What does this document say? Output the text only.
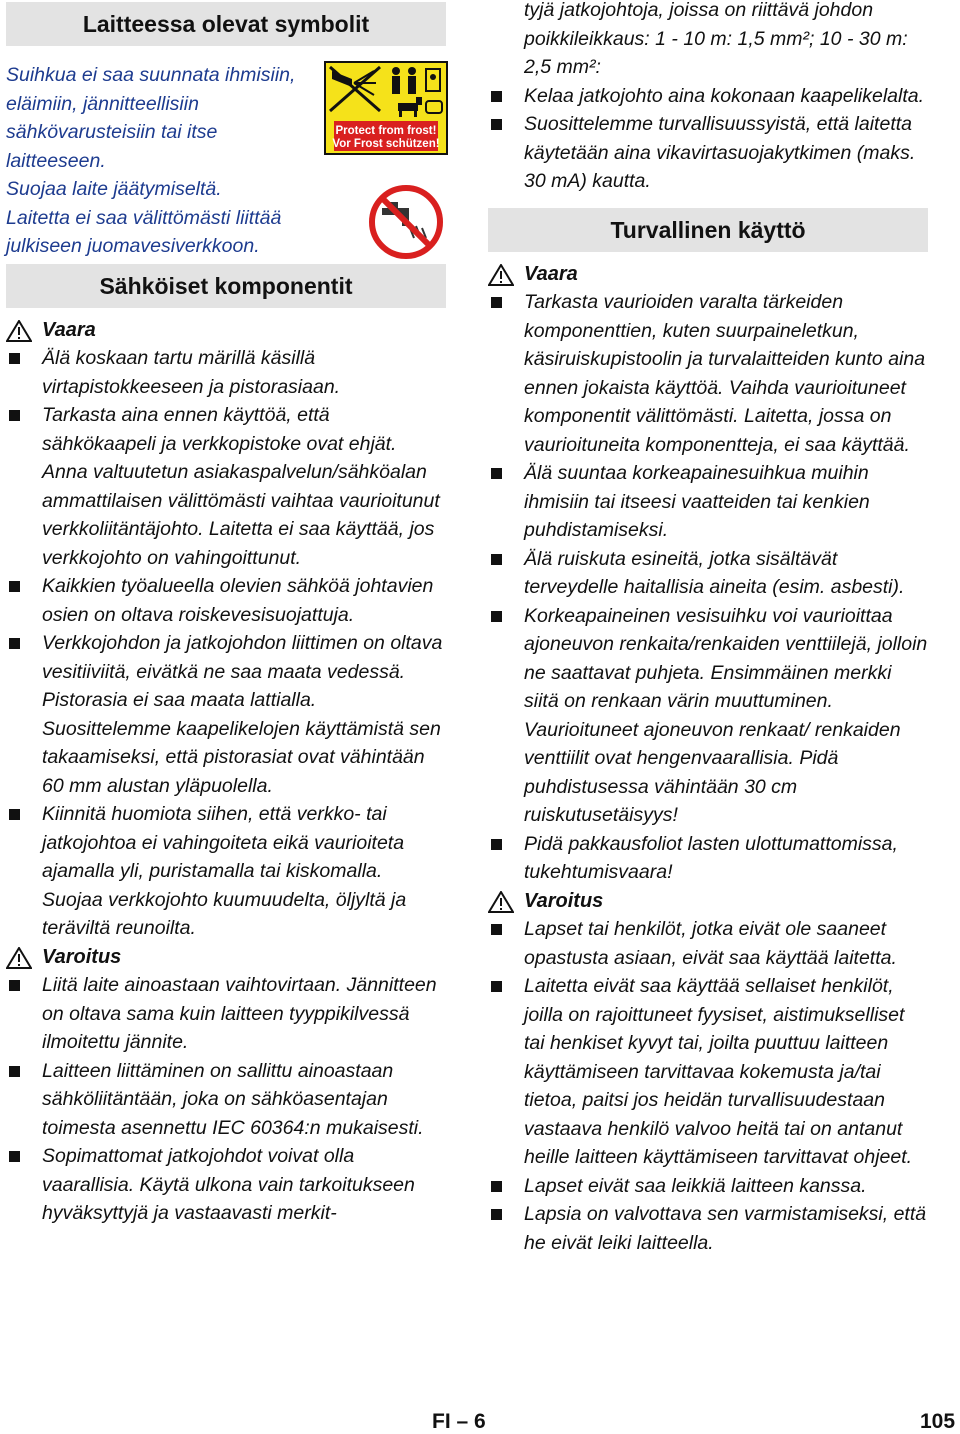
Laitteessa olevat symbolit
Suihkua ei saa suunnata ihmisiin, eläimiin, jännitteellisiin sähkövarusteisiin tai itse laitteeseen.
Suojaa laite jäätymiseltä.
Protect from frost!
Vor Frost schützen!
Laitetta ei saa välittömästi liittää julkiseen juomavesiverkkoon.
Sähköiset komponentit
Vaara
Älä koskaan tartu märillä käsillä virtapistokkeeseen ja pistorasiaan.
Tarkasta aina ennen käyttöä, että sähkökaapeli ja verkkopistoke ovat ehjät. Anna valtuutetun asiakaspalvelun/sähköalan ammattilaisen välittömästi vaihtaa vaurioitunut verkkoliitäntäjohto. Laitetta ei saa käyttää, jos verkkojohto on vahingoittunut.
Kaikkien työalueella olevien sähköä johtavien osien on oltava roiskevesisuojattuja.
Verkkojohdon ja jatkojohdon liittimen on oltava vesitiiviitä, eivätkä ne saa maata vedessä. Pistorasia ei saa maata lattialla. Suosittelemme kaapelikelojen käyttämistä sen takaamiseksi, että pistorasiat ovat vähintään 60 mm alustan yläpuolella.
Kiinnitä huomiota siihen, että verkko- tai jatkojohtoa ei vahingoiteta eikä vaurioiteta ajamalla yli, puristamalla tai kiskomalla. Suojaa verkkojohto kuumuudelta, öljyltä ja teräviltä reunoilta.
Varoitus
Liitä laite ainoastaan vaihtovirtaan. Jännitteen on oltava sama kuin laitteen tyyppikilvessä ilmoitettu jännite.
Laitteen liittäminen on sallittu ainoastaan sähköliitäntään, joka on sähköasentajan toimesta asennettu IEC 60364:n mukaisesti.
Sopimattomat jatkojohdot voivat olla vaarallisia. Käytä ulkona vain tarkoitukseen hyväksyttyjä ja vastaavasti merkit-
tyjä jatkojohtoja, joissa on riittävä johdon poikkileikkaus: 1 - 10 m: 1,5 mm²; 10 - 30 m: 2,5 mm²:
Kelaa jatkojohto aina kokonaan kaapelikelalta.
Suosittelemme turvallisuussyistä, että laitetta käytetään aina vikavirtasuojakytkimen (maks. 30 mA) kautta.
Turvallinen käyttö
Vaara
Tarkasta vaurioiden varalta tärkeiden komponenttien, kuten suurpaineletkun, käsiruiskupistoolin ja turvalaitteiden kunto aina ennen jokaista käyttöä. Vaihda vaurioituneet komponentit välittömästi. Laitetta, jossa on vaurioituneita komponentteja, ei saa käyttää.
Älä suuntaa korkeapainesuihkua muihin ihmisiin tai itseesi vaatteiden tai kenkien puhdistamiseksi.
Älä ruiskuta esineitä, jotka sisältävät terveydelle haitallisia aineita (esim. asbesti).
Korkeapaineinen vesisuihku voi vaurioittaa ajoneuvon renkaita/renkaiden venttiilejä, jolloin ne saattavat puhjeta. Ensimmäinen merkki siitä on renkaan värin muuttuminen. Vaurioituneet ajoneuvon renkaat/ renkaiden venttiilit ovat hengenvaarallisia. Pidä puhdistusessa vähintään 30 cm ruiskutusetäisyys!
Pidä pakkausfoliot lasten ulottumattomissa, tukehtumisvaara!
Varoitus
Lapset tai henkilöt, jotka eivät ole saaneet opastusta asiaan, eivät saa käyttää laitetta.
Laitetta eivät saa käyttää sellaiset henkilöt, joilla on rajoittuneet fyysiset, aistimukselliset tai henkiset kyvyt tai, joilta puuttuu laitteen käyttämiseen tarvittavaa kokemusta ja/tai tietoa, paitsi jos heidän turvallisuudestaan vastaava henkilö valvoo heitä tai on antanut heille laitteen käyttämiseen tarvittavat ohjeet.
Lapset eivät saa leikkiä laitteen kanssa.
Lapsia on valvottava sen varmistamiseksi, että he eivät leiki laitteella.
FI – 6	105
